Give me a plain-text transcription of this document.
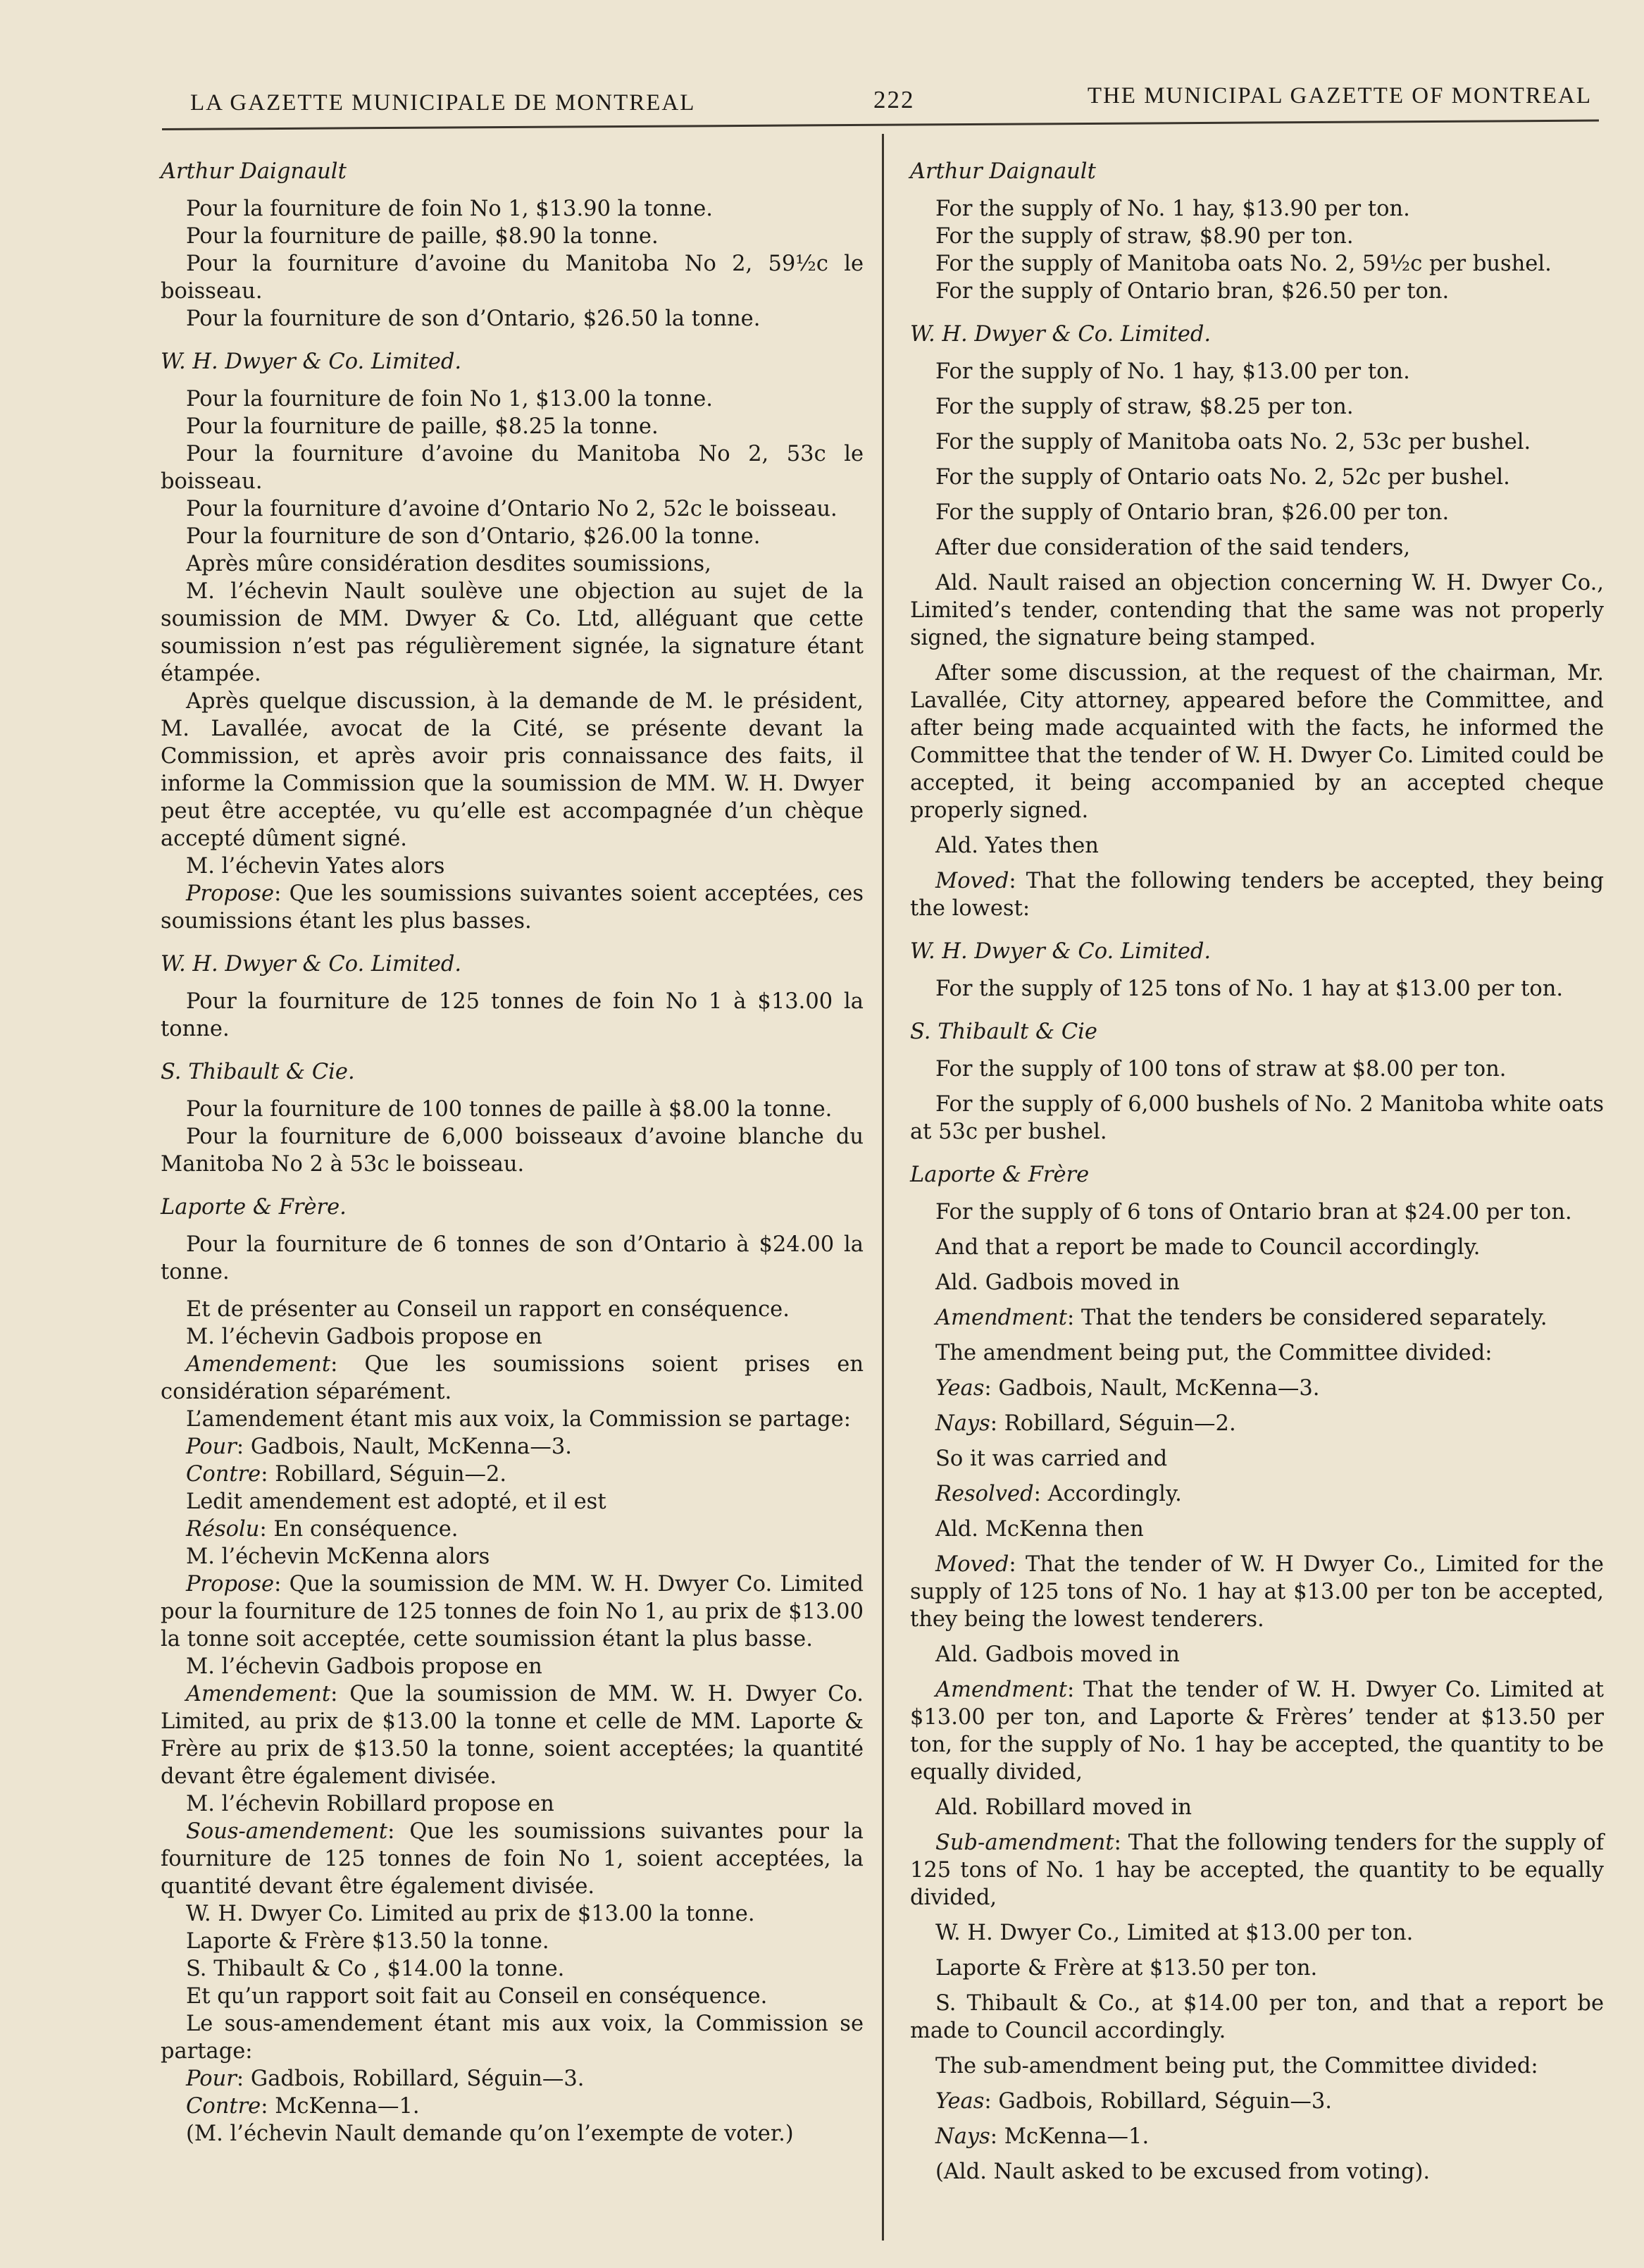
LA GAZETTE MUNICIPALE DE MONTREAL	222	THE MUNICIPAL GAZETTE OF MONTREAL

Arthur Daignault

Pour la fourniture de foin No 1, $13.90 la tonne.

Pour la fourniture de paille, $8.90 la tonne.

Pour la fourniture d’avoine du Manitoba No 2, 59½c le boisseau.

Pour la fourniture de son d’Ontario, $26.50 la tonne.

W. H. Dwyer & Co. Limited.

Pour la fourniture de foin No 1, $13.00 la tonne.

Pour la fourniture de paille, $8.25 la tonne.

Pour la fourniture d’avoine du Manitoba No 2, 53c le boisseau.

Pour la fourniture d’avoine d’Ontario No 2, 52c le boisseau.

Pour la fourniture de son d’Ontario, $26.00 la tonne.

Après mûre considération desdites soumissions,

M. l’échevin Nault soulève une objection au sujet de la soumission de MM. Dwyer & Co. Ltd, alléguant que cette soumission n’est pas régulièrement signée, la signature étant étampée.

Après quelque discussion, à la demande de M. le président, M. Lavallée, avocat de la Cité, se présente devant la Commission, et après avoir pris connaissance des faits, il informe la Commission que la soumission de MM. W. H. Dwyer peut être acceptée, vu qu’elle est accompagnée d’un chèque accepté dûment signé.

M. l’échevin Yates alors

Propose: Que les soumissions suivantes soient acceptées, ces soumissions étant les plus basses.

W. H. Dwyer & Co. Limited.

Pour la fourniture de 125 tonnes de foin No 1 à $13.00 la tonne.

S. Thibault & Cie.

Pour la fourniture de 100 tonnes de paille à $8.00 la tonne.

Pour la fourniture de 6,000 boisseaux d’avoine blanche du Manitoba No 2 à 53c le boisseau.

Laporte & Frère.

Pour la fourniture de 6 tonnes de son d’Ontario à $24.00 la tonne.

Et de présenter au Conseil un rapport en conséquence.

M. l’échevin Gadbois propose en

Amendement: Que les soumissions soient prises en considération séparément.

L’amendement étant mis aux voix, la Commission se partage:

Pour: Gadbois, Nault, McKenna—3.

Contre: Robillard, Séguin—2.

Ledit amendement est adopté, et il est

Résolu: En conséquence.

M. l’échevin McKenna alors

Propose: Que la soumission de MM. W. H. Dwyer Co. Limited pour la fourniture de 125 tonnes de foin No 1, au prix de $13.00 la tonne soit acceptée, cette soumission étant la plus basse.

M. l’échevin Gadbois propose en

Amendement: Que la soumission de MM. W. H. Dwyer Co. Limited, au prix de $13.00 la tonne et celle de MM. Laporte & Frère au prix de $13.50 la tonne, soient acceptées; la quantité devant être également divisée.

M. l’échevin Robillard propose en

Sous-amendement: Que les soumissions suivantes pour la fourniture de 125 tonnes de foin No 1, soient acceptées, la quantité devant être également divisée.

W. H. Dwyer Co. Limited au prix de $13.00 la tonne.

Laporte & Frère $13.50 la tonne.

S. Thibault & Co , $14.00 la tonne.

Et qu’un rapport soit fait au Conseil en conséquence.

Le sous-amendement étant mis aux voix, la Commission se partage:

Pour: Gadbois, Robillard, Séguin—3.

Contre: McKenna—1.

(M. l’échevin Nault demande qu’on l’exempte de voter.)

Arthur Daignault

For the supply of No. 1 hay, $13.90 per ton.

For the supply of straw, $8.90 per ton.

For the supply of Manitoba oats No. 2, 59½c per bushel.

For the supply of Ontario bran, $26.50 per ton.

W. H. Dwyer & Co. Limited.

For the supply of No. 1 hay, $13.00 per ton.

For the supply of straw, $8.25 per ton.

For the supply of Manitoba oats No. 2, 53c per bushel.

For the supply of Ontario oats No. 2, 52c per bushel.

For the supply of Ontario bran, $26.00 per ton.

After due consideration of the said tenders,

Ald. Nault raised an objection concerning W. H. Dwyer Co., Limited’s tender, contending that the same was not properly signed, the signature being stamped.

After some discussion, at the request of the chairman, Mr. Lavallée, City attorney, appeared before the Committee, and after being made acquainted with the facts, he informed the Committee that the tender of W. H. Dwyer Co. Limited could be accepted, it being accompanied by an accepted cheque properly signed.

Ald. Yates then

Moved: That the following tenders be accepted, they being the lowest:

W. H. Dwyer & Co. Limited.

For the supply of 125 tons of No. 1 hay at $13.00 per ton.

S. Thibault & Cie

For the supply of 100 tons of straw at $8.00 per ton.

For the supply of 6,000 bushels of No. 2 Manitoba white oats at 53c per bushel.

Laporte & Frère

For the supply of 6 tons of Ontario bran at $24.00 per ton.

And that a report be made to Council accordingly.

Ald. Gadbois moved in

Amendment: That the tenders be considered separately.

The amendment being put, the Committee divided:

Yeas: Gadbois, Nault, McKenna—3.

Nays: Robillard, Séguin—2.

So it was carried and

Resolved: Accordingly.

Ald. McKenna then

Moved: That the tender of W. H Dwyer Co., Limited for the supply of 125 tons of No. 1 hay at $13.00 per ton be accepted, they being the lowest tenderers.

Ald. Gadbois moved in

Amendment: That the tender of W. H. Dwyer Co. Limited at $13.00 per ton, and Laporte & Frères’ tender at $13.50 per ton, for the supply of No. 1 hay be accepted, the quantity to be equally divided,

Ald. Robillard moved in

Sub-amendment: That the following tenders for the supply of 125 tons of No. 1 hay be accepted, the quantity to be equally divided,

W. H. Dwyer Co., Limited at $13.00 per ton.

Laporte & Frère at $13.50 per ton.

S. Thibault & Co., at $14.00 per ton, and that a report be made to Council accordingly.

The sub-amendment being put, the Committee divided:

Yeas: Gadbois, Robillard, Séguin—3.

Nays: McKenna—1.

(Ald. Nault asked to be excused from voting).
